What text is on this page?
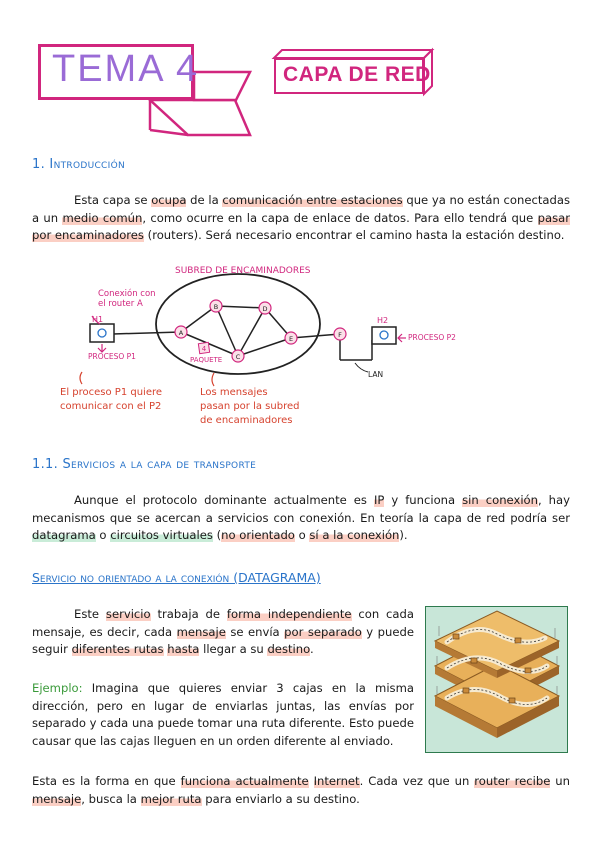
TEMA 4	CAPA DE RED
1. Introducción
Esta capa se ocupa de la comunicación entre estaciones que ya no están conectadas a un medio común, como ocurre en la capa de enlace de datos. Para ello tendrá que pasar por encaminadores (routers). Será necesario encontrar el camino hasta la estación destino.
A
B
C
D
E	F
4
SUBRED DE ENCAMINADORES
Conexión con el router A
H1	H2
PROCESO P1
PROCESO P2
PAQUETE
LAN
El proceso P1 quiere comunicar con el P2
Los mensajes pasan por la subred de encaminadores
1.1. Servicios a la capa de transporte
Aunque el protocolo dominante actualmente es IP y funciona sin conexión, hay mecanismos que se acercan a servicios con conexión. En teoría la capa de red podría ser datagrama o circuitos virtuales (no orientado o sí a la conexión).
Servicio no orientado a la conexión (DATAGRAMA)
Este servicio trabaja de forma independiente con cada mensaje, es decir, cada mensaje se envía por separado y puede seguir diferentes rutas hasta llegar a su destino.
Ejemplo: Imagina que quieres enviar 3 cajas en la misma dirección, pero en lugar de enviarlas juntas, las envías por separado y cada una puede tomar una ruta diferente. Esto puede causar que las cajas lleguen en un orden diferente al enviado.
Esta es la forma en que funciona actualmente Internet. Cada vez que un router recibe un mensaje, busca la mejor ruta para enviarlo a su destino.
